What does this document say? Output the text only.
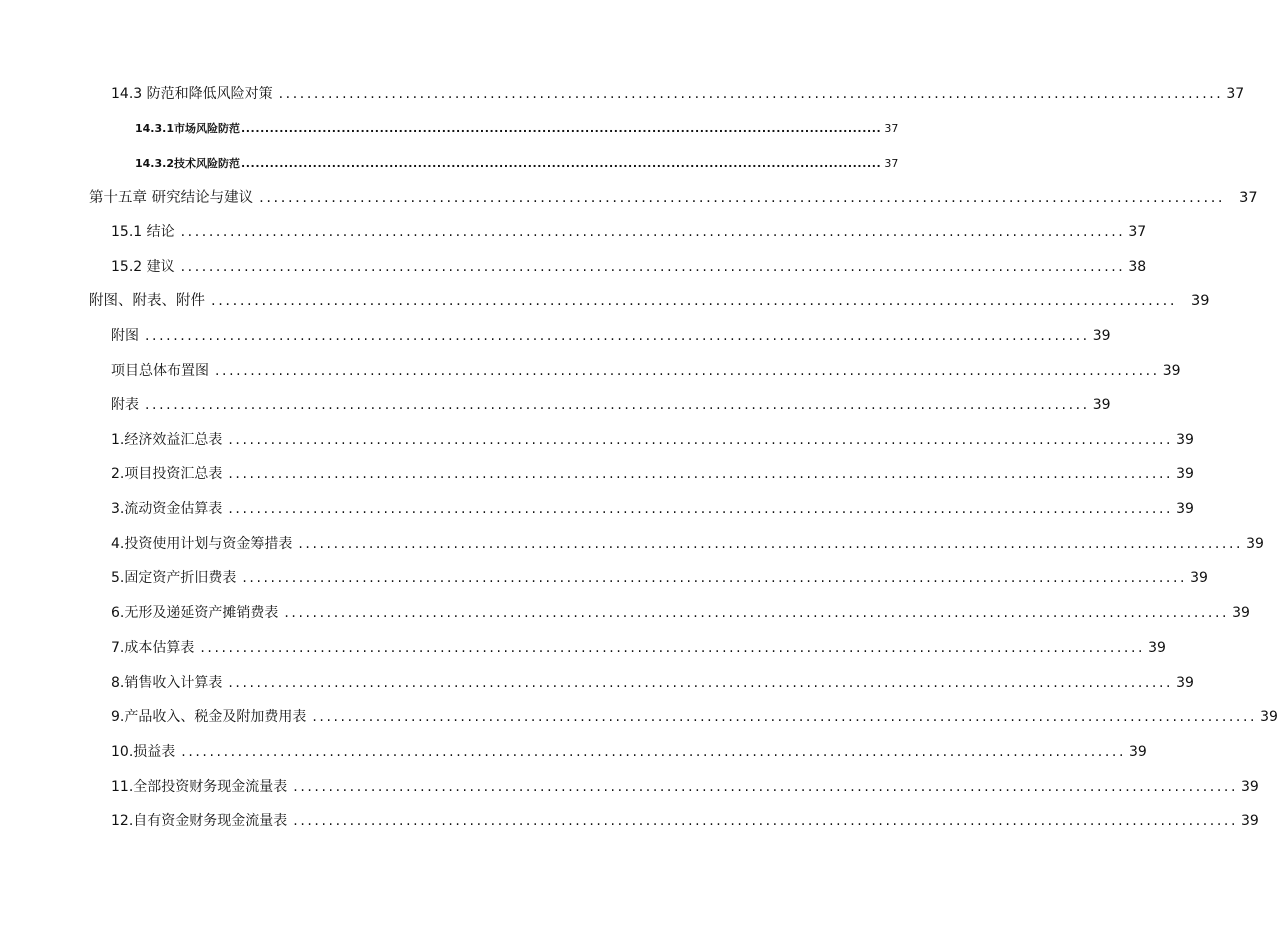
14.3 防范和降低风险对策 ...................................................................................................................................... 37
14.3.1市场风险防范 ...................................................................................................................................... 37
14.3.2技术风险防范 ...................................................................................................................................... 37
第十五章 研究结论与建议 ...................................................................................................................................... 37
15.1 结论 ...................................................................................................................................... 37
15.2 建议 ...................................................................................................................................... 38
附图、附表、附件 ...................................................................................................................................... 39
附图 ...................................................................................................................................... 39
项目总体布置图 ...................................................................................................................................... 39
附表 ...................................................................................................................................... 39
1.经济效益汇总表 ...................................................................................................................................... 39
2.项目投资汇总表 ...................................................................................................................................... 39
3.流动资金估算表 ...................................................................................................................................... 39
4.投资使用计划与资金筹措表 ...................................................................................................................................... 39
5.固定资产折旧费表 ...................................................................................................................................... 39
6.无形及递延资产摊销费表 ...................................................................................................................................... 39
7.成本估算表 ...................................................................................................................................... 39
8.销售收入计算表 ...................................................................................................................................... 39
9.产品收入、税金及附加费用表 ...................................................................................................................................... 39
10.损益表 ...................................................................................................................................... 39
11.全部投资财务现金流量表 ...................................................................................................................................... 39
12.自有资金财务现金流量表 ...................................................................................................................................... 39
